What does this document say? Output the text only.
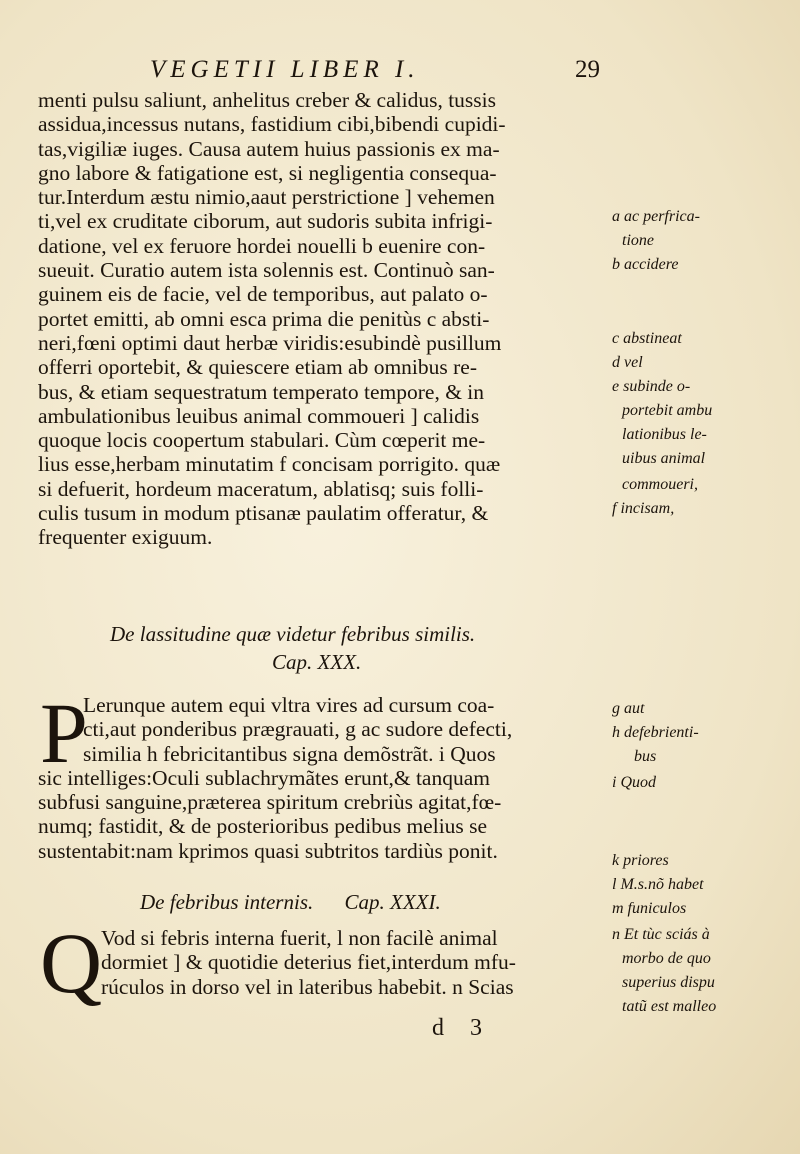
VEGETII LIBER I.	29
menti pulsu saliunt, anhelitus creber & calidus, tussis
assidua,incessus nutans, fastidium cibi,bibendi cupidi-
tas,vigiliæ iuges. Causa autem huius passionis ex ma-
gno labore & fatigatione est, si negligentia consequa-
tur.Interdum æstu nimio,aaut perstrictione ] vehemen
ti,vel ex cruditate ciborum, aut sudoris subita infrigi-
datione, vel ex feruore hordei nouelli b euenire con-
sueuit. Curatio autem ista solennis est. Continuò san-
guinem eis de facie, vel de temporibus, aut palato o-
portet emitti, ab omni esca prima die penitùs c absti-
neri,fœni optimi daut herbæ viridis:esubindè pusillum
offerri oportebit, & quiescere etiam ab omnibus re-
bus, & etiam sequestratum temperato tempore, & in
ambulationibus leuibus animal commoueri ] calidis
quoque locis coopertum stabulari. Cùm cœperit me-
lius esse,herbam minutatim f concisam porrigito. quæ
si defuerit, hordeum maceratum, ablatisq; suis folli-
culis tusum in modum ptisanæ paulatim offeratur, &
frequenter exiguum.
De lassitudine quæ videtur febribus similis.
Cap. XXX.
P
Lerunque autem equi vltra vires ad cursum coa-
cti,aut ponderibus prægrauati, g ac sudore defecti,
similia h febricitantibus signa demõstrãt. i Quos
sic intelliges:Oculi sublachrymãtes erunt,& tanquam
subfusi sanguine,præterea spiritum crebriùs agitat,fœ-
numq; fastidit, & de posterioribus pedibus melius se
sustentabit:nam kprimos quasi subtritos tardiùs ponit.
De febribus internis. Cap. XXXI.
Q
Vod si febris interna fuerit, l non facilè animal
dormiet ] & quotidie deterius fiet,interdum mfu-
rúculos in dorso vel in lateribus habebit. n Scias
a ac perfrica-
tione
b accidere
c abstineat
d vel
e subinde o-
portebit ambu
lationibus le-
uibus animal
commoueri,
f incisam,
g aut
h defebrienti-
bus
i Quod
k priores
l M.s.nõ habet
m funiculos
n Et tùc sciás à
morbo de quo
superius dispu
tatũ est malleo
d 3
